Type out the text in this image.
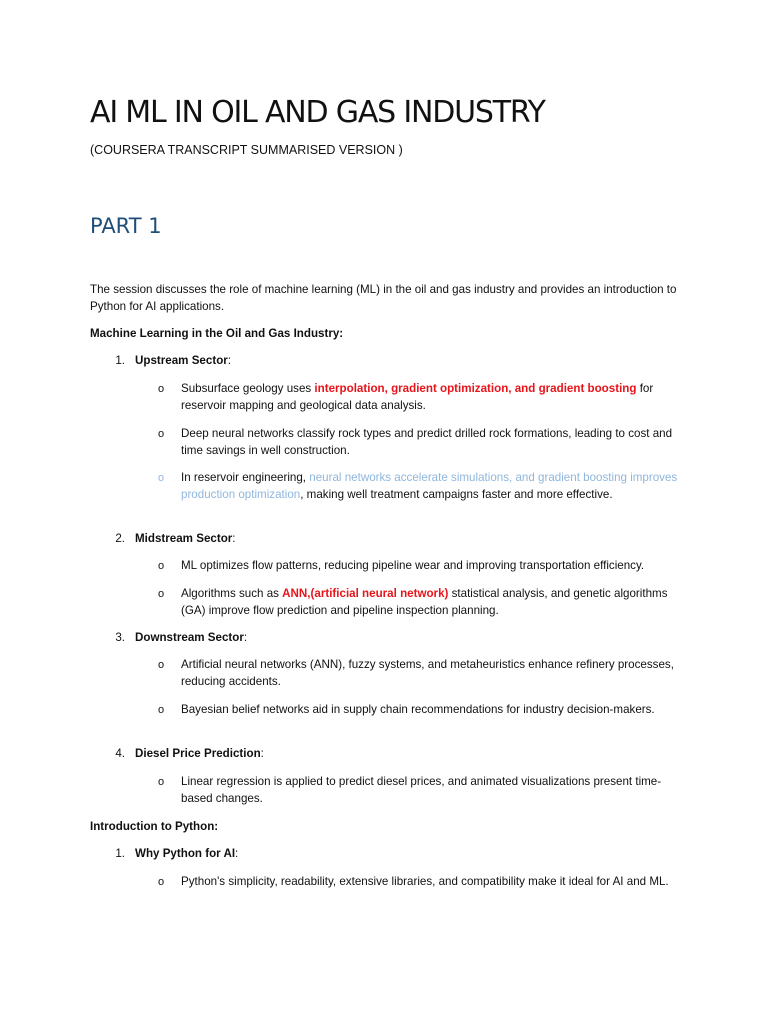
AI ML IN OIL AND GAS INDUSTRY
(COURSERA TRANSCRIPT SUMMARISED VERSION )
PART 1
The session discusses the role of machine learning (ML) in the oil and gas industry and provides an introduction to Python for AI applications.
Machine Learning in the Oil and Gas Industry:
1. Upstream Sector:
o	Subsurface geology uses interpolation, gradient optimization, and gradient boosting for reservoir mapping and geological data analysis.
o	Deep neural networks classify rock types and predict drilled rock formations, leading to cost and time savings in well construction.
o	In reservoir engineering, neural networks accelerate simulations, and gradient boosting improves production optimization, making well treatment campaigns faster and more effective.
2. Midstream Sector:
o	ML optimizes flow patterns, reducing pipeline wear and improving transportation efficiency.
o	Algorithms such as ANN,(artificial neural network) statistical analysis, and genetic algorithms (GA) improve flow prediction and pipeline inspection planning.
3. Downstream Sector:
o	Artificial neural networks (ANN), fuzzy systems, and metaheuristics enhance refinery processes, reducing accidents.
o	Bayesian belief networks aid in supply chain recommendations for industry decision-makers.
4. Diesel Price Prediction:
o	Linear regression is applied to predict diesel prices, and animated visualizations present time-based changes.
Introduction to Python:
1. Why Python for AI:
o	Python's simplicity, readability, extensive libraries, and compatibility make it ideal for AI and ML.
